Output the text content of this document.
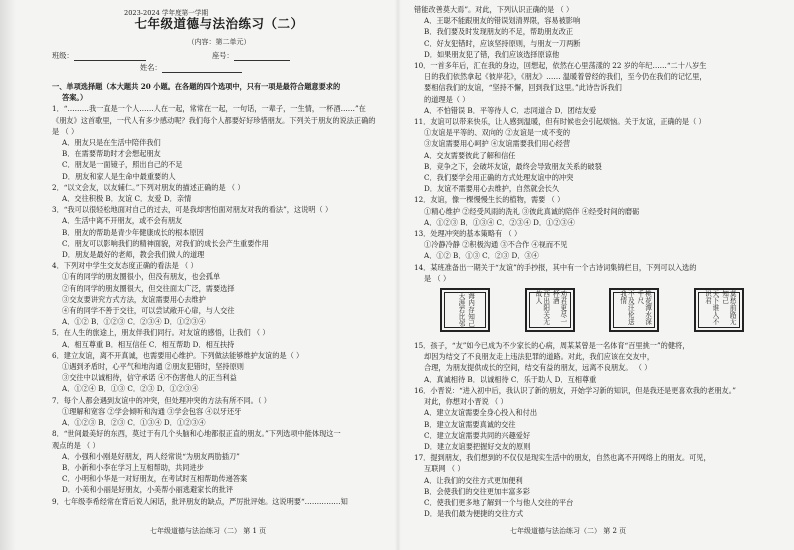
2023-2024 学年度第一学期
七年级道德与法治练习（二）
（内容：第二单元）
班级：	座号：
姓名：
一、单项选择题（本大题共 20 小题。在各题的四个选项中，只有一项是最符合题意要求的
答案。）
1．“………我一直是一个人……人在一起，常常在一起，一句话，一辈子，一生情，一杯酒……”在
《朋友》这首歌里，一代人有多少感动呢？我们每个人都要好好珍惜朋友。下列关于朋友的说法正确的
是 （ ）
A．朋友只是在生活中陪伴我们
B．在需要帮助时才会想起朋友
C．朋友是一面镜子，照出自己的不足
D．朋友和家人是生命中最重要的人
2．“以文会友，以友辅仁。”下列对朋友的描述正确的是 （ ）
A．交往积极 B．友谊 C．友爱 D．亲情
3．“我可以很轻松地面对自己的过去，可是我却害怕面对朋友对我的看法”，这说明（ ）
A．生活中离不开朋友，或不会有朋友
B．朋友的帮助是青少年健康成长的根本原因
C．朋友可以影响我们的精神面貌，对我们的成长会产生重要作用
D．朋友是最好的老师，教会我们做人的道理
4．下列对中学生交友态度正确的看法是 （ ）
①有的同学的朋友圈很小，但没有朋友，也会孤单
②有的同学的朋友圈很大，但交往面太广泛，需要选择
③交友要讲究方式方法，友谊需要用心去维护
④有的同学不善于交往，可以尝试敞开心扉，与人交往
A．①② B．①②③ C．②③④ D．①②③④
5．在人生的旅途上，朋友伴我们同行。对友谊的感悟，让我们 （ ）
A．相互尊重 B．相互信任 C．相互帮助 D．相互扶持
6．建立友谊，离不开真诚，也需要用心维护。下列做法能够维护友谊的是（ ）
①遇到矛盾时，心平气和地沟通 ②朋友犯错时，坚持原则
③交往中以诚相待，信守承诺 ④不伤害他人的正当利益
A．①②④ B．①③ C．②③ D．①②③④
7．每个人都会遇到友谊中的冲突，但处理冲突的方法有所不同。（ ）
①理解和宽容 ②学会倾听和沟通 ③学会包容 ④以牙还牙
A．①②③ B．②③ C．①③④ D．①②③④
8．“世间最美好的东西，莫过于有几个头脑和心地都很正直的朋友。”下列选项中能体现这一
观点的是 （ ）
A．小强和小刚是好朋友，两人经常说“为朋友两肋插刀”
B．小新和小李在学习上互相帮助，共同进步
C．小明和小华是一对好朋友，在考试时互相帮助传递答案
D．小美和小丽是好朋友，小美帮小丽逃避家长的批评
9．七年级李希经常在背后说人闲话，批评朋友的缺点，严厉批评她。这说明要“……………知
七年级道德与法治练习（二） 第 1 页
错能改善莫大焉”。对此，下列认识正确的是 （ ）
A．王聪不能跟朋友的错误划清界限，容易被影响
B．我们要及时发现朋友的不足，帮助朋友改正
C．好友犯错时，应该坚持原则，与朋友一刀两断
D．如果朋友犯了错，我们应该选择原谅他
10．一首多年后，汇在我的身边，回想起，依然在心里荡漾的 22 岁的年纪……“二十八岁生
日的我们依然拿起《彼岸花》，《朋友》…… 温暖着曾经的我们，至今仍在我们的记忆里，
要相信我们的友谊，“坚持不懈，回到我们这里。”此诗告诉我们
的道理是（ ）
A．不怕错误 B．平等待人 C．志同道合 D．团结友爱
11．友谊可以带来快乐，让人感到温暖，但有时候也会引起烦恼。关于友谊，正确的是（ ）
①友谊是平等的、双向的 ②友谊是一成不变的
③友谊需要用心呵护 ④友谊需要我们用心经营
A．交友需要彼此了解和信任
B．竞争之下，会破坏友谊，最终会导致朋友关系的破裂
C．我们要学会用正确的方式处理友谊中的冲突
D．友谊不需要用心去维护，自然就会长久
12．友谊，像一棵慢慢生长的植物，需要 （ ）
①精心维护 ②经受风雨的洗礼 ③彼此真诚的陪伴 ④经受时间的磨砺
A．①②③ B．①③④ C．②③④ D．①②③④
13．处理冲突的基本策略有 （ ）
①冷静冷静 ②积极沟通 ③不合作 ④视而不见
A．①② B．①③ C．②③ D．③④
14．某班准备出一期关于“友谊”的手抄报，其中有一个古诗词集锦栏目，下列可以入选的
是 （ ）
海内存知己
天涯若比邻	劝君更尽一杯酒
西出阳关无故人	桃花潭水深千尺
不及汪伦送我情	莫愁前路无知己
天下谁人不识君
15．孩子，“友”如今已成为不少家长的心病，周某某曾是一名体育“百里挑一”的健将，
却因为结交了不良朋友走上违法犯罪的道路。对此，我们应该在交友中，
合理，为朋友提供成长的空间，结交有益的朋友，远离不良朋友。 （ ）
A．真诚相待 B．以诚相待 C．乐于助人 D．互相尊重
16．小晋说：“进入初中后，我认识了新的朋友，开始学习新的知识，但是我还是更喜欢我的老朋友。”
对此，你想对小晋说 （ ）
A．建立友谊需要全身心投入和付出
B．建立友谊需要真诚的交往
C．建立友谊需要共同的兴趣爱好
D．建立友谊要把握好交友的原则
17．提到朋友，我们想到的不仅仅是现实生活中的朋友，自然也离不开网络上的朋友。可见，
互联网 （ ）
A．让我们的交往方式更加便利
B．会使我们的交往更加丰富多彩
C．使我们更多地了解到一个与他人交往的平台
D．是我们最为便捷的交往方式
七年级道德与法治练习（二） 第 2 页
